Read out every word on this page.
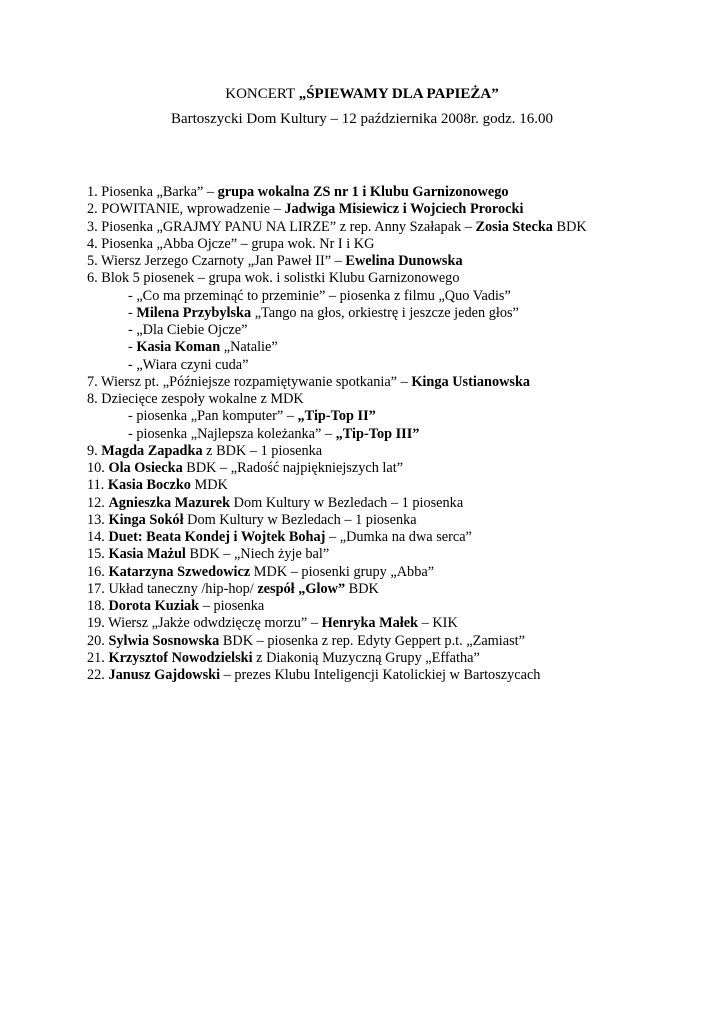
KONCERT „ŚPIEWAMY DLA PAPIEŻA”
Bartoszycki Dom Kultury – 12 października 2008r. godz. 16.00
1. Piosenka „Barka” – grupa wokalna ZS nr 1 i Klubu Garnizonowego
2. POWITANIE, wprowadzenie – Jadwiga Misiewicz i Wojciech Prorocki
3. Piosenka „GRAJMY PANU NA LIRZE” z rep. Anny Szałapak – Zosia Stecka BDK
4. Piosenka „Abba Ojcze” – grupa wok. Nr I i KG
5. Wiersz Jerzego Czarnoty „Jan Paweł II” – Ewelina Dunowska
6. Blok 5 piosenek – grupa wok. i solistki Klubu Garnizonowego
- „Co ma przeminąć to przeminie” – piosenka z filmu „Quo Vadis”
- Milena Przybylska „Tango na głos, orkiestrę i jeszcze jeden głos”
- „Dla Ciebie Ojcze”
- Kasia Koman „Natalie”
- „Wiara czyni cuda”
7. Wiersz pt. „Późniejsze rozpamiętywanie spotkania” – Kinga Ustianowska
8. Dziecięce zespoły wokalne z MDK
- piosenka „Pan komputer” – „Tip-Top II”
- piosenka „Najlepsza koleżanka” – „Tip-Top III”
9. Magda Zapadka z BDK – 1 piosenka
10. Ola Osiecka BDK – „Radość najpiękniejszych lat”
11. Kasia Boczko MDK
12. Agnieszka Mazurek Dom Kultury w Bezledach – 1 piosenka
13. Kinga Sokół Dom Kultury w Bezledach – 1 piosenka
14. Duet: Beata Kondej i Wojtek Bohaj – „Dumka na dwa serca”
15. Kasia Mażul BDK – „Niech żyje bal”
16. Katarzyna Szwedowicz MDK – piosenki grupy „Abba”
17. Układ taneczny /hip-hop/ zespół „Glow” BDK
18. Dorota Kuziak – piosenka
19. Wiersz „Jakże odwdzięczę morzu” – Henryka Małek – KIK
20. Sylwia Sosnowska BDK – piosenka z rep. Edyty Geppert p.t. „Zamiast”
21. Krzysztof Nowodzielski z Diakonią Muzyczną Grupy „Effatha”
22. Janusz Gajdowski – prezes Klubu Inteligencji Katolickiej w Bartoszycach
